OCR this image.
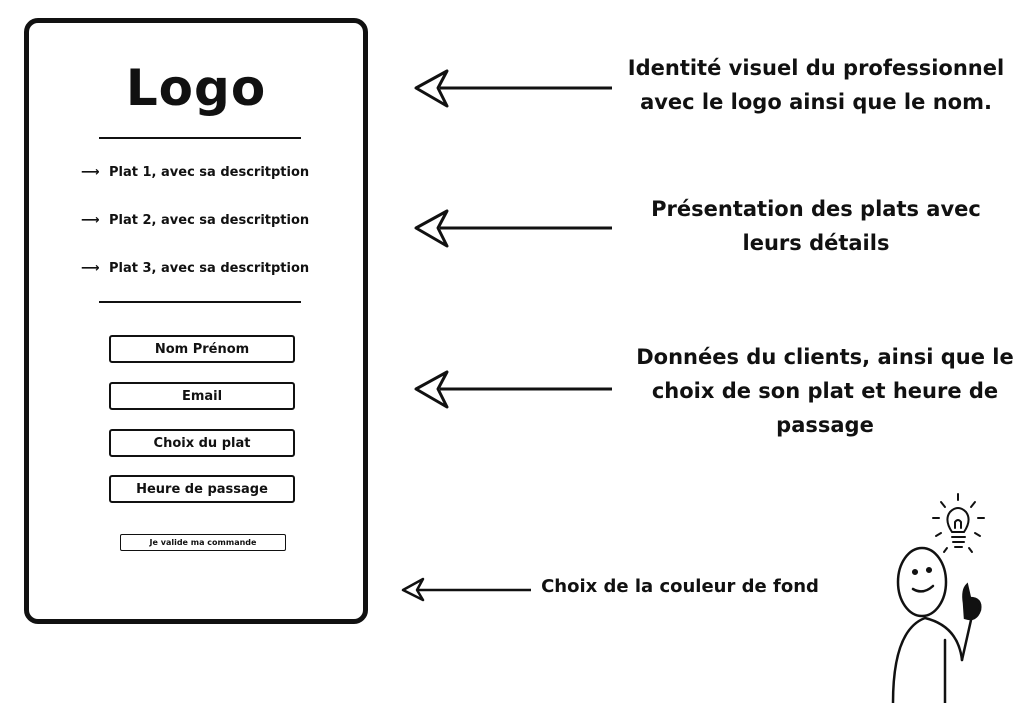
Logo
⟶ Plat 1, avec sa descritption
⟶ Plat 2, avec sa descritption
⟶ Plat 3, avec sa descritption
Nom Prénom
Email
Choix du plat
Heure de passage
Je valide ma commande
Identité visuel du professionnel
avec le logo ainsi que le nom.
Présentation des plats avec
leurs détails
Données du clients, ainsi que le
choix de son plat et heure de
passage
Choix de la couleur de fond
